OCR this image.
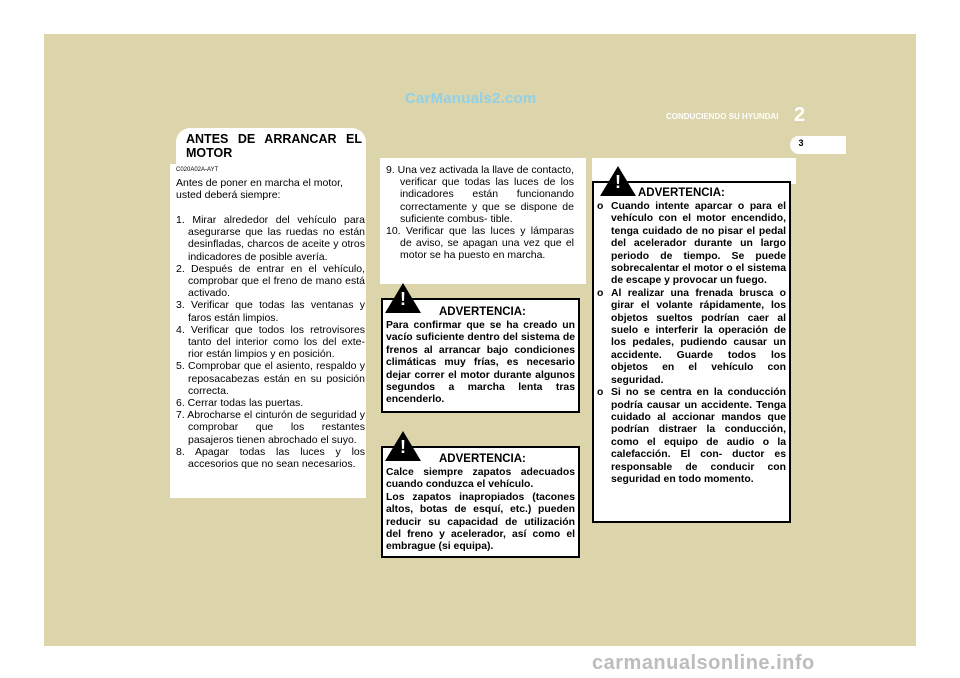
CarManuals2.com
CONDUCIENDO SU HYUNDAI 2
3
ANTES DE ARRANCAR EL MOTOR
C020A02A-AYT
Antes de poner en marcha el motor, usted deberá siempre:
1. Mirar alrededor del vehículo para asegurarse que las ruedas no están desinfladas, charcos de aceite y otros indicadores de posible avería.
2. Después de entrar en el vehículo, comprobar que el freno de mano está activado.
3. Verificar que todas las ventanas y faros están limpios.
4. Verificar que todos los retrovisores tanto del interior como los del exte- rior están limpios y en posición.
5. Comprobar que el asiento, respaldo y reposacabezas están en su posición correcta.
6. Cerrar todas las puertas.
7. Abrocharse el cinturón de seguridad y comprobar que los restantes pasajeros tienen abrochado el suyo.
8. Apagar todas las luces y los accesorios que no sean necesarios.
9. Una vez activada la llave de contacto, verificar que todas las luces de los indicadores están funcionando correctamente y que se dispone de suficiente combus- tible.
10. Verificar que las luces y lámparas de aviso, se apagan una vez que el motor se ha puesto en marcha.
ADVERTENCIA:
Para confirmar que se ha creado un vacío suficiente dentro del sistema de frenos al arrancar bajo condiciones climáticas muy frías, es necesario dejar correr el motor durante algunos segundos a marcha lenta tras encenderlo.
!
ADVERTENCIA:
Calce siempre zapatos adecuados cuando conduzca el vehículo.
Los zapatos inapropiados (tacones altos, botas de esquí, etc.) pueden reducir su capacidad de utilización del freno y acelerador, así como el embrague (si equipa).
!
ADVERTENCIA:
o Cuando intente aparcar o para el vehículo con el motor encendido, tenga cuidado de no pisar el pedal del acelerador durante un largo periodo de tiempo. Se puede sobrecalentar el motor o el sistema de escape y provocar un fuego.
o Al realizar una frenada brusca o girar el volante rápidamente, los objetos sueltos podrían caer al suelo e interferir la operación de los pedales, pudiendo causar un accidente. Guarde todos los objetos en el vehículo con seguridad.
o Si no se centra en la conducción podría causar un accidente. Tenga cuidado al accionar mandos que podrían distraer la conducción, como el equipo de audio o la calefacción. El con- ductor es responsable de conducir con seguridad en todo momento.
!
carmanualsonline.info
